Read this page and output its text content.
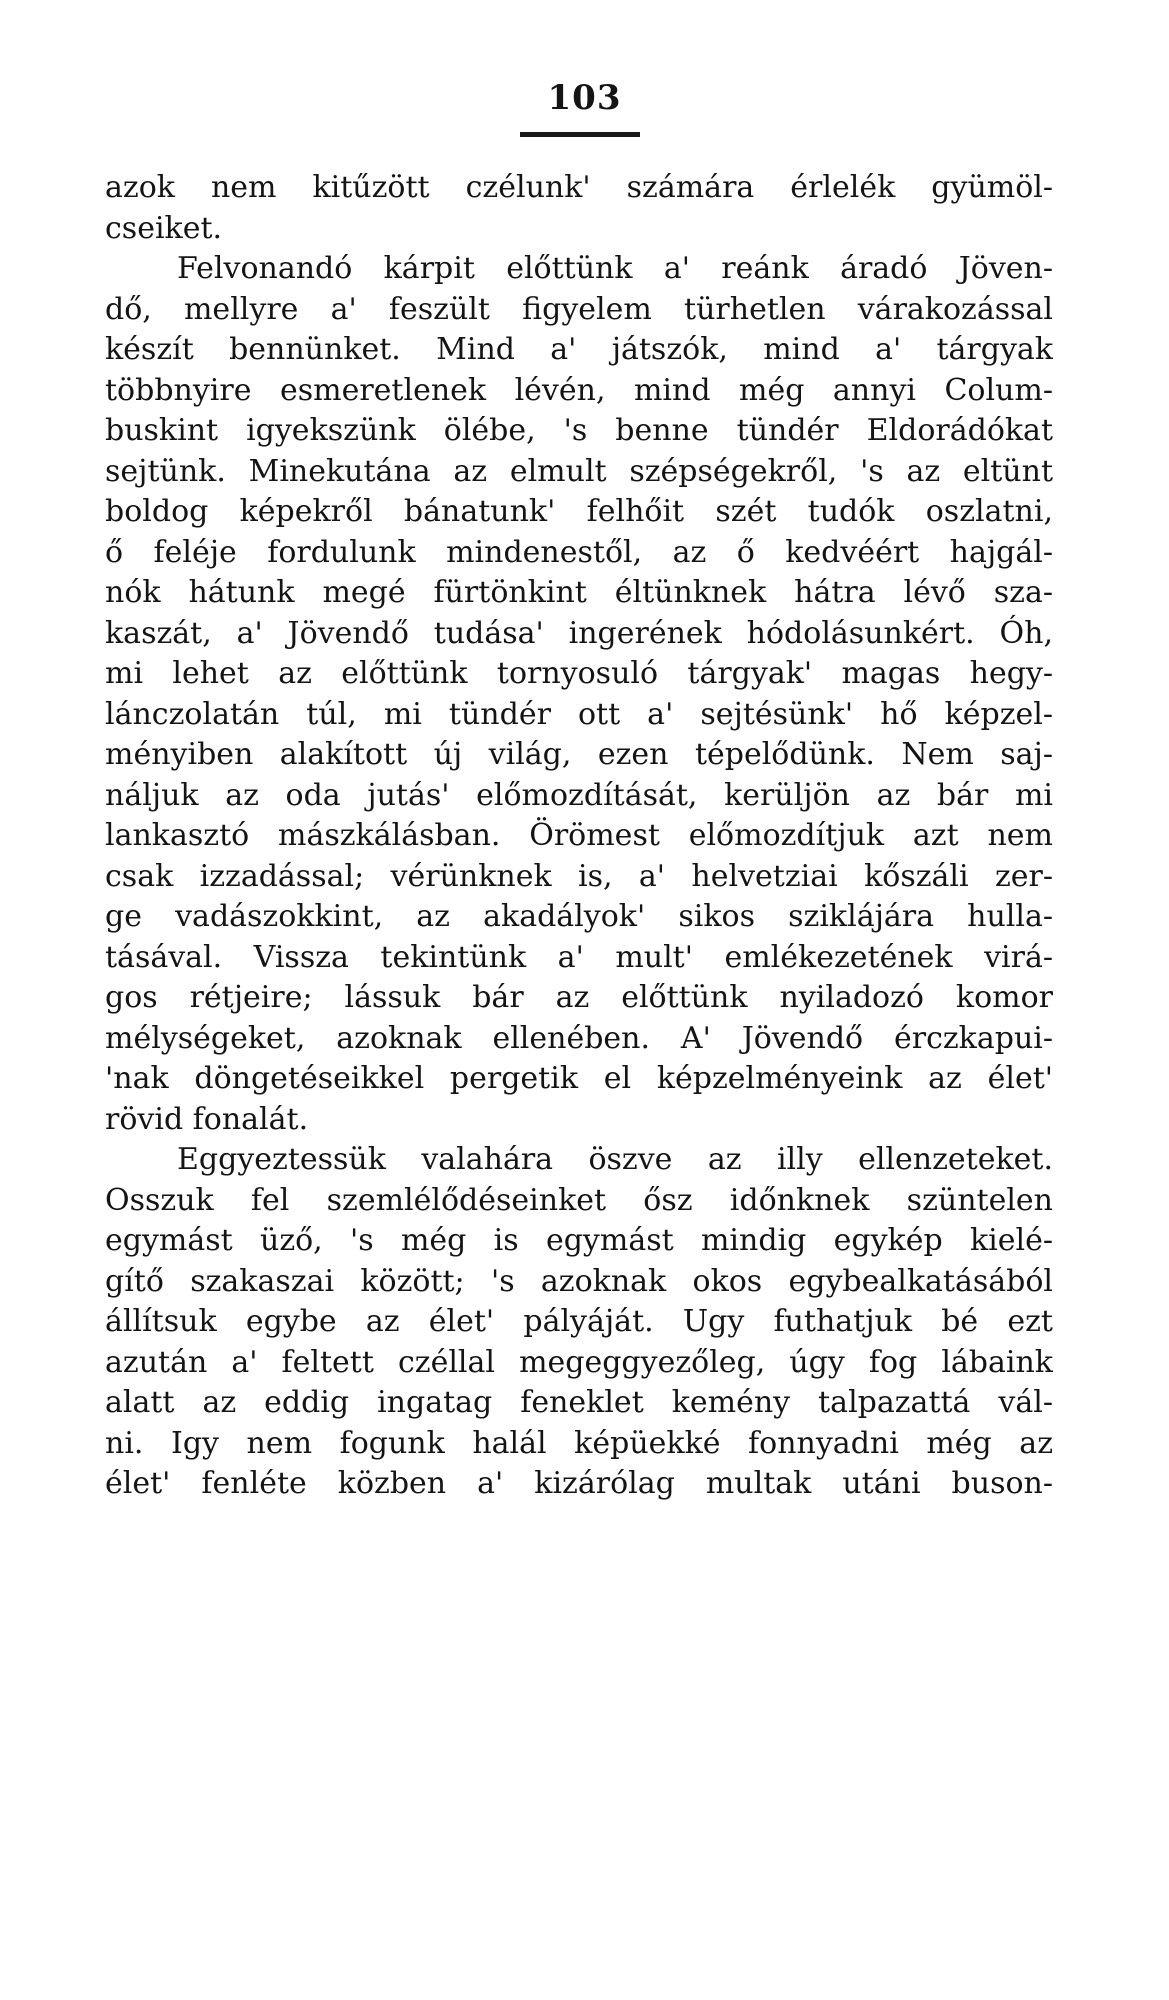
103
azok nem kitűzött czélunk' számára érlelék gyümöl-
cseiket.
Felvonandó kárpit előttünk a' reánk áradó Jöven-
dő, mellyre a' feszült figyelem türhetlen várakozással
készít bennünket. Mind a' játszók, mind a' tárgyak
többnyire esmeretlenek lévén, mind még annyi Colum-
buskint igyekszünk ölébe, 's benne tündér Eldorádókat
sejtünk. Minekutána az elmult szépségekről, 's az eltünt
boldog képekről bánatunk' felhőit szét tudók oszlatni,
ő feléje fordulunk mindenestől, az ő kedvéért hajgál-
nók hátunk megé fürtönkint éltünknek hátra lévő sza-
kaszát, a' Jövendő tudása' ingerének hódolásunkért. Óh,
mi lehet az előttünk tornyosuló tárgyak' magas hegy-
lánczolatán túl, mi tündér ott a' sejtésünk' hő képzel-
ményiben alakított új világ, ezen tépelődünk. Nem saj-
náljuk az oda jutás' előmozdítását, kerüljön az bár mi
lankasztó mászkálásban. Örömest előmozdítjuk azt nem
csak izzadással; vérünknek is, a' helvetziai kőszáli zer-
ge vadászokkint, az akadályok' sikos sziklájára hulla-
tásával. Vissza tekintünk a' mult' emlékezetének virá-
gos rétjeire; lássuk bár az előttünk nyiladozó komor
mélységeket, azoknak ellenében. A' Jövendő érczkapui-
'nak döngetéseikkel pergetik el képzelményeink az élet'
rövid fonalát.
Eggyeztessük valahára öszve az illy ellenzeteket.
Osszuk fel szemlélődéseinket ősz időnknek szüntelen
egymást üző, 's még is egymást mindig egykép kielé-
gítő szakaszai között; 's azoknak okos egybealkatásából
állítsuk egybe az élet' pályáját. Ugy futhatjuk bé ezt
azután a' feltett czéllal megeggyezőleg, úgy fog lábaink
alatt az eddig ingatag feneklet kemény talpazattá vál-
ni. Igy nem fogunk halál képüekké fonnyadni még az
élet' fenléte közben a' kizárólag multak utáni buson-
